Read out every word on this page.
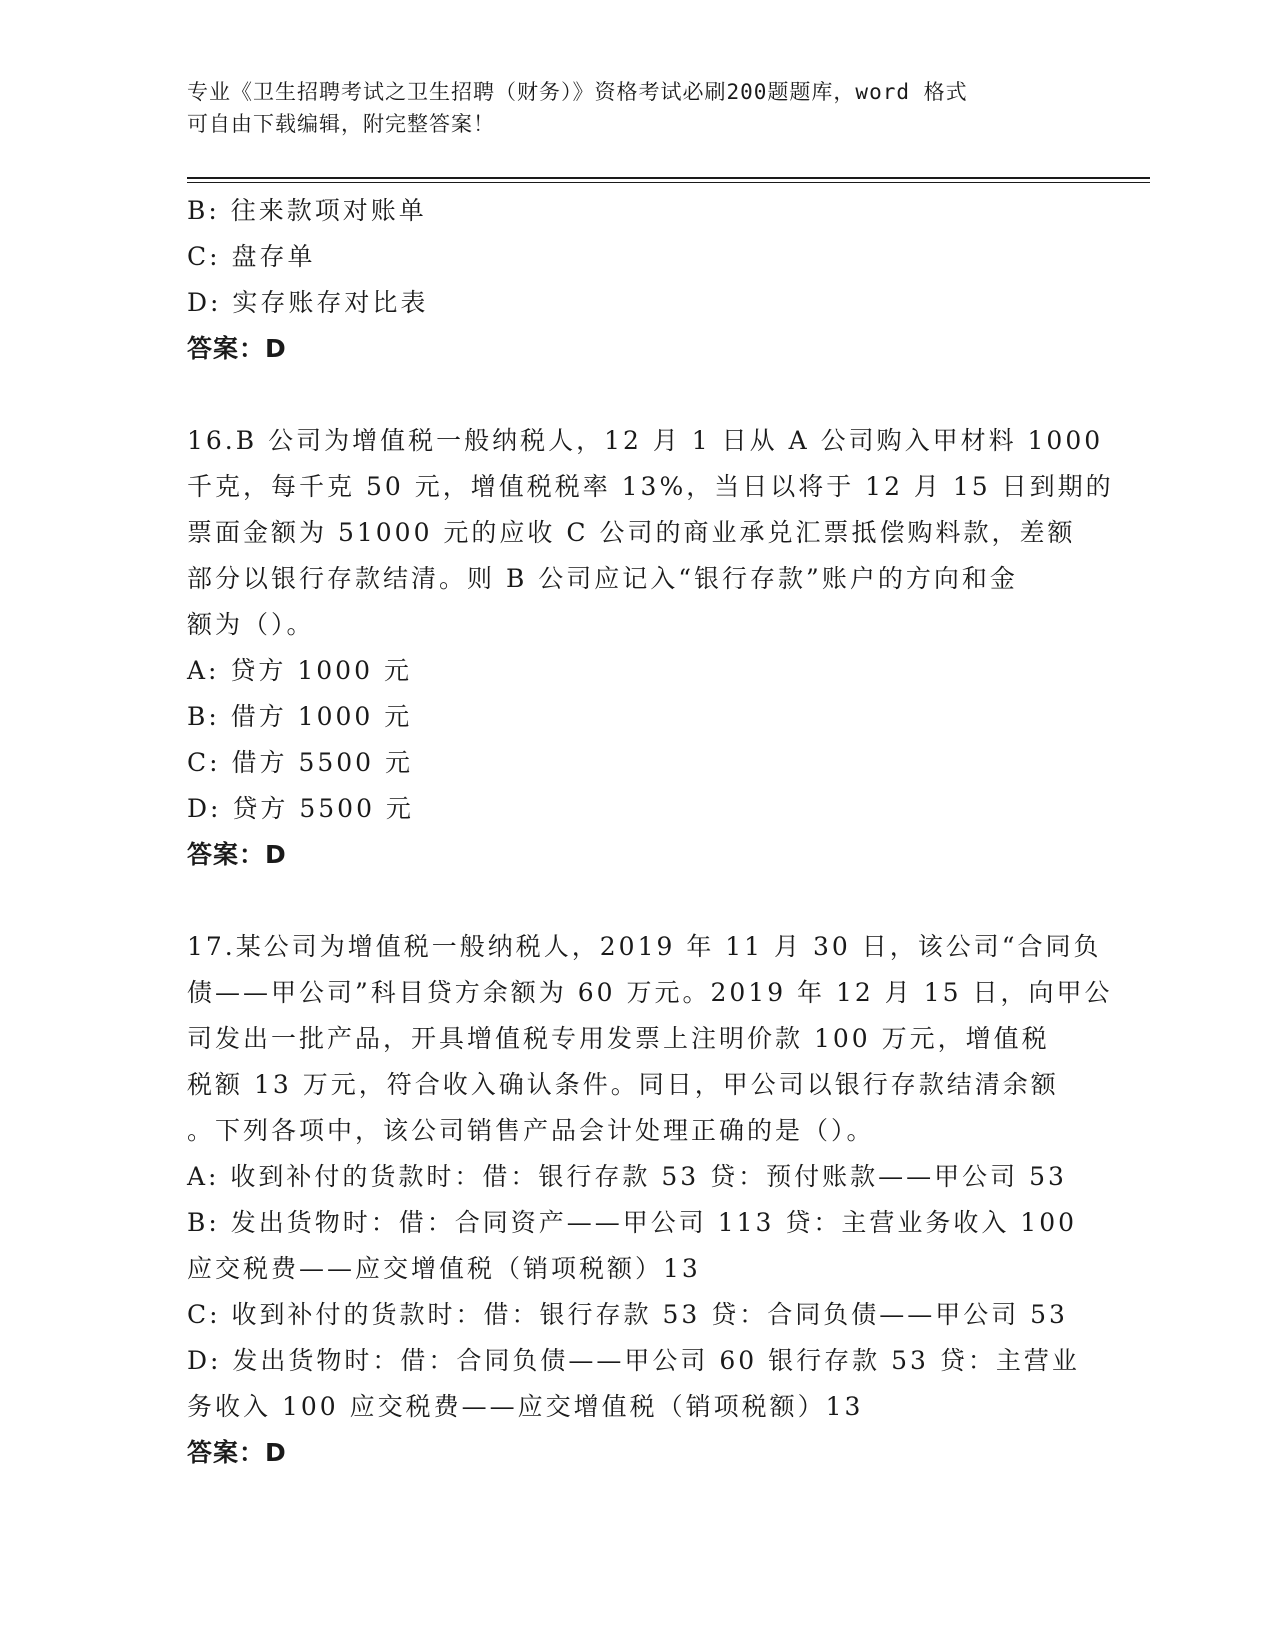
专业《卫生招聘考试之卫生招聘（财务）》资格考试必刷200题题库，word 格式
可自由下载编辑，附完整答案！
B: 往来款项对账单
C: 盘存单
D: 实存账存对比表
答案：D
16.B 公司为增值税一般纳税人，12 月 1 日从 A 公司购入甲材料 1000
千克，每千克 50 元，增值税税率 13%，当日以将于 12 月 15 日到期的
票面金额为 51000 元的应收 C 公司的商业承兑汇票抵偿购料款，差额
部分以银行存款结清。则 B 公司应记入“银行存款”账户的方向和金
额为（）。
A: 贷方 1000 元
B: 借方 1000 元
C: 借方 5500 元
D: 贷方 5500 元
答案：D
17.某公司为增值税一般纳税人，2019 年 11 月 30 日，该公司“合同负
债——甲公司”科目贷方余额为 60 万元。2019 年 12 月 15 日，向甲公
司发出一批产品，开具增值税专用发票上注明价款 100 万元，增值税
税额 13 万元，符合收入确认条件。同日，甲公司以银行存款结清余额
。下列各项中，该公司销售产品会计处理正确的是（）。
A: 收到补付的货款时：借：银行存款 53 贷：预付账款——甲公司 53
B: 发出货物时：借：合同资产——甲公司 113 贷：主营业务收入 100
应交税费——应交增值税（销项税额）13
C: 收到补付的货款时：借：银行存款 53 贷：合同负债——甲公司 53
D: 发出货物时：借：合同负债——甲公司 60 银行存款 53 贷：主营业
务收入 100 应交税费——应交增值税（销项税额）13
答案：D
